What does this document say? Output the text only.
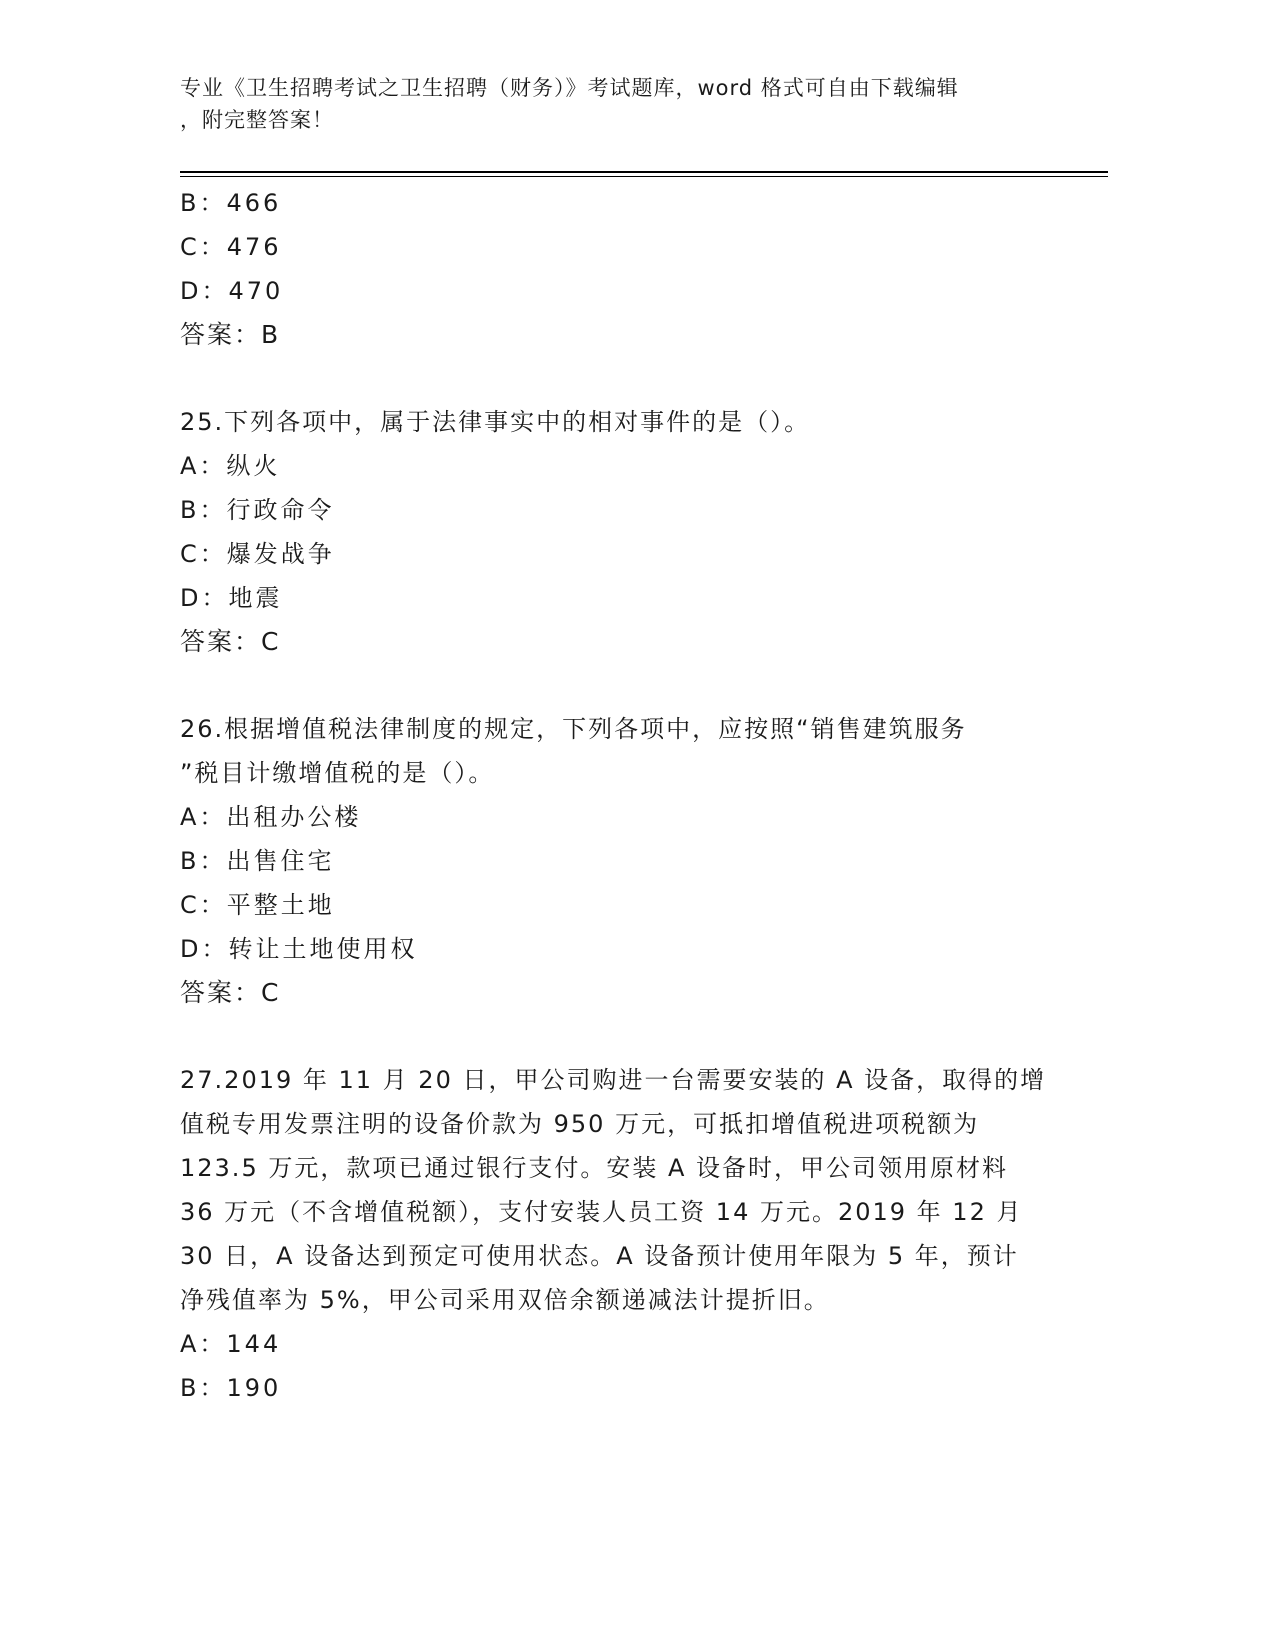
专业《卫生招聘考试之卫生招聘（财务）》考试题库，word 格式可自由下载编辑
，附完整答案！
B：466
C：476
D：470
答案：B
25.下列各项中，属于法律事实中的相对事件的是（）。
A：纵火
B：行政命令
C：爆发战争
D：地震
答案：C
26.根据增值税法律制度的规定，下列各项中，应按照“销售建筑服务
”税目计缴增值税的是（）。
A：出租办公楼
B：出售住宅
C：平整土地
D：转让土地使用权
答案：C
27.2019 年 11 月 20 日，甲公司购进一台需要安装的 A 设备，取得的增
值税专用发票注明的设备价款为 950 万元，可抵扣增值税进项税额为
123.5 万元，款项已通过银行支付。安装 A 设备时，甲公司领用原材料
36 万元（不含增值税额），支付安装人员工资 14 万元。2019 年 12 月
30 日，A 设备达到预定可使用状态。A 设备预计使用年限为 5 年，预计
净残值率为 5%，甲公司采用双倍余额递减法计提折旧。
A：144
B：190
